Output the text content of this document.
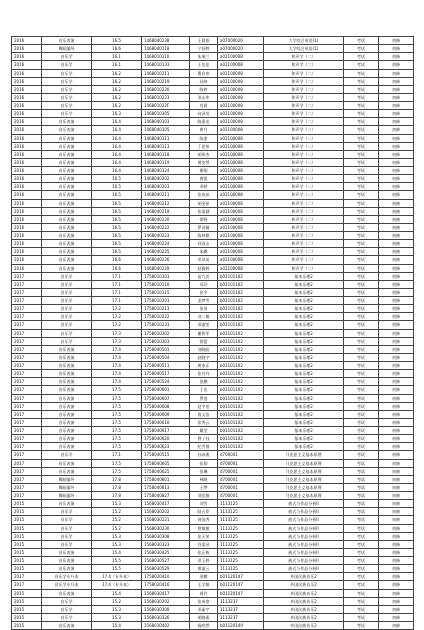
2016	音乐表演	16.5	1468040238	王晨翔	a07000020	大学综合英语(1)	考试	初修
2016	舞蹈编导	16.6	1468040118	宁舒婷	a07000020	大学综合英语(1)	考试	初修
2016	音乐学	16.1	1468010110	朱瑞兰	a01100008	和声学（二）	考试	初修
2016	音乐学	16.1	1468010133	王佳伦	a01100008	和声学（二）	考试	初修
2016	音乐学	16.2	1468010211	曹启伟	a01100008	和声学（二）	考试	初修
2016	音乐学	16.2	1468010219	孙炜	a01100008	和声学（二）	考试	初修
2016	音乐学	16.2	1468010220	陈婷	a01100008	和声学（二）	考试	初修
2016	音乐学	16.2	1468010223	邓永华	a01100008	和声学（二）	考试	初修
2016	音乐学	16.2	146801022F	肖晨	a01100008	和声学（二）	考试	初修
2016	音乐学	16.3	1468010305	向泽昊	a01100008	和声学（二）	考试	初修
2016	音乐表演	16.4	1468040103	陈嘉龙	a01100008	和声学（二）	考试	初修
2016	音乐表演	16.4	1468040105	黄月	a01100008	和声学（二）	考试	初修
2016	音乐表演	16.4	1468040111	陈銮	a01100008	和声学（二）	考试	初修
2016	音乐表演	16.4	1468040113	丁思彤	a01100008	和声学（二）	考试	初修
2016	音乐表演	16.4	1468040118	胡伟杰	a01100008	和声学（二）	考试	初修
2016	音乐表演	16.4	1468040119	黄安然	a01100008	和声学（二）	考试	初修
2016	音乐表演	16.4	1468040124	柳翔	a01100008	和声学（二）	考试	初修
2016	音乐表演	16.5	1468040202	唐凯	a01100008	和声学（二）	考试	初修
2016	音乐表演	16.5	1468040203	邓婷	a01100008	和声学（二）	考试	初修
2016	音乐表演	16.5	1468040211	张冰冰	a01100008	和声学（二）	考试	初修
2016	音乐表演	16.5	1468040212	胡金星	a01100008	和声学（二）	考试	初修
2016	音乐表演	16.5	1468040219	张雨涵	a01100008	和声学（二）	考试	初修
2016	音乐表演	16.5	1468040220	徐野	a01100008	和声学（二）	考试	初修
2016	音乐表演	16.5	1468040222	罗诗婕	a01100008	和声学（二）	考试	初修
2016	音乐表演	16.5	1468040223	陈林艳	a01100008	和声学（二）	考试	初修
2016	音乐表演	16.5	1468040224	孙双山	a01100008	和声学（二）	考试	初修
2016	音乐表演	16.5	1468040225	朱鹏	a01100008	和声学（二）	考试	初修
2016	音乐表演	16.6	1468040226	邓凤英	a01100008	和声学（二）	考试	初修
2016	音乐表演	16.6	1468040229	赵雅婷	a01100008	和声学（二）	考试	初修
2017	音乐学	17.1	1758010101	苗九美	b01101102	基本乐理2	考试	初修
2017	音乐学	17.1	1758010110	邓玲	b01101102	基本乐理2	考试	初修
2017	音乐学	17.1	1758010115	张宇	b01101102	基本乐理2	考试	初修
2017	音乐学	17.1	1758010201	龙梦雪	b01101102	基本乐理2	考试	初修
2017	音乐学	17.2	1758010213	张琼	b01101102	基本乐理2	考试	初修
2017	音乐学	17.2	1758010222	刘二敏	b01101102	基本乐理2	考试	初修
2017	音乐学	17.2	1758010231	邓淑雯	b01101102	基本乐理2	考试	初修
2017	音乐学	17.3	1758010302	谢智军	b01101102	基本乐理2	考试	初修
2017	音乐学	17.3	1758010303	徐蕾	b01101102	基本乐理2	考试	初修
2017	音乐表演	17.4	1758040501	刘晓阳	b01101102	基本乐理2	考试	初修
2017	音乐表演	17.4	1758040504	赵晓宇	b01101102	基本乐理2	考试	初修
2017	音乐表演	17.4	1758040511	黄家乐	b01101102	基本乐理2	考试	初修
2017	音乐表演	17.4	1758040517	张丹丹	b01101102	基本乐理2	考试	初修
2017	音乐表演	17.4	1758040524	张鹏	b01101102	基本乐理2	考试	初修
2017	音乐表演	17.5	1758040601	王佳	b01101102	基本乐理2	考试	初修
2017	音乐表演	17.5	1758040607	罗莲	b01101102	基本乐理2	考试	初修
2017	音乐表演	17.5	1758040608	赵宇伯	b01101102	基本乐理2	考试	初修
2017	音乐表演	17.5	1758040609	詹文浩	b01101102	基本乐理2	考试	初修
2017	音乐表演	17.5	1758040610	张秀云	b01101102	基本乐理2	考试	初修
2017	音乐表演	17.5	1758040617	戴莹	b01101102	基本乐理2	考试	初修
2017	音乐表演	17.5	1758040620	曾子钰	b01101102	基本乐理2	考试	初修
2017	音乐表演	17.5	1758040623	纪雪茵	b01101102	基本乐理2	考试	初修
2017	音乐学	17.1	1758040515	孙冰燕	d700001	马克思主义基本原理	考试	初修
2017	音乐表演	17.5	1758040605	张翔	d700001	马克思主义基本原理	考试	初修
2017	音乐表演	17.5	1758040625	张琳	d700001	马克思主义基本原理	考试	初修
2017	舞蹈编导	17.8	1758040801	林晓	d700001	马克思主义基本原理	考试	初修
2017	舞蹈编导	17.8	1758040813	王梦	d700001	马克思主义基本原理	考试	初修
2017	舞蹈编导	17.8	1758040827	刘佳敏	d700001	马克思主义基本原理	考试	初修
2015	音乐表演	15.3	1568030417	刘雪	1113125	曲式与作品分析II	考试	初修
2015	音乐学	15.2	1568030202	陆占岸	1113125	曲式与作品分析II	考试	初修
2015	音乐学	15.2	1568030221	何国秀	1113125	曲式与作品分析II	考试	初修
2015	音乐学	15.2	1568030230	曾敏敏	1113125	曲式与作品分析II	考试	初修
2015	音乐学	15.3	1568030308	张天荣	1113125	曲式与作品分析II	考试	初修
2015	音乐学	15.3	1568030323	谷梁录	1113125	曲式与作品分析II	考试	初修
2015	音乐表演	15.4	1568030425	张正栋	1113125	曲式与作品分析II	考试	初修
2015	音乐表演	15.5	1568030527	邓玉婷	1113125	曲式与作品分析II	考试	初修
2015	音乐表演	15.5	1568030529	黄淑云	1113125	曲式与作品分析II	考试	初修
2017	音乐学专升本	17.4（专升本）	1758020410	余鹏	b01120147	外国民族音乐2	考试	初修
2017	音乐学专升本	17.4（专升本）	1758020416	王学敏	b01120147	外国民族音乐2	考试	初修
2015	音乐表演	15.4	1568030417	周玲	b01120147	外国民族音乐2	考试	初修
2015	音乐学	15.2	1568030202	张成豪	1113237	外国民族音乐2	考试	初修
2015	音乐学	15.3	1568030309	邓丽宇	1113237	外国民族音乐2	考试	初修
2015	音乐学	15.3	1568030326	胡晓燕	1113237	外国民族音乐2	考试	初修
2015	音乐表演	15.4	1568030402	杨欣然	b01120140	外国民族音乐2	考试	初修
